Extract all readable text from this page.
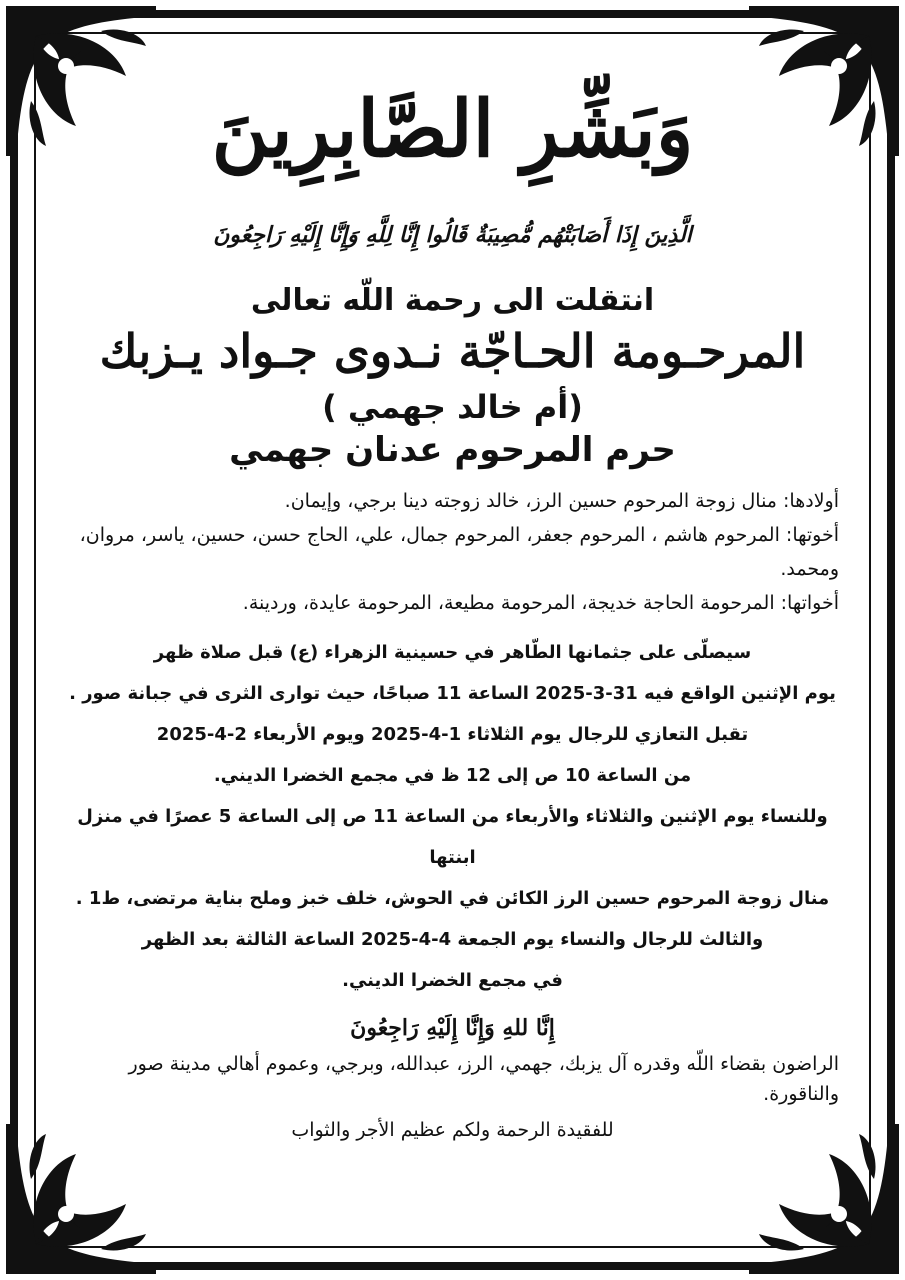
وَبَشِّرِ الصَّابِرِينَ
الَّذِينَ إِذَا أَصَابَتْهُم مُّصِيبَةٌ قَالُوا إِنَّا لِلَّهِ وَإِنَّا إِلَيْهِ رَاجِعُونَ
انتقلت الى رحمة اللّه تعالى
المرحـومة الحـاجّة نـدوى جـواد يـزبك
(أم خالد جهمي )
حرم المرحوم عدنان جهمي

أولادها: منال زوجة المرحوم حسين الرز، خالد زوجته دينا برجي، وإيمان.

أخوتها: المرحوم هاشم ، المرحوم جعفر، المرحوم جمال، علي، الحاج حسن، حسين، ياسر، مروان، ومحمد.

أخواتها: المرحومة الحاجة خديجة، المرحومة مطيعة، المرحومة عايدة، وردينة.

سيصلّى على جثمانها الطّاهر في حسينية الزهراء (ع) قبل صلاة ظهر

يوم الإثنين الواقع فيه 31-3-2025 الساعة 11 صباحًا، حيث توارى الثرى في جبانة صور .

تقبل التعازي للرجال يوم الثلاثاء 1-4-2025 ويوم الأربعاء 2-4-2025

من الساعة 10 ص إلى 12 ظ في مجمع الخضرا الديني.

وللنساء يوم الإثنين والثلاثاء والأربعاء من الساعة 11 ص إلى الساعة 5 عصرًا في منزل ابنتها

منال زوجة المرحوم حسين الرز الكائن في الحوش، خلف خبز وملح بناية مرتضى، ط1 .

والثالث للرجال والنساء يوم الجمعة 4-4-2025 الساعة الثالثة بعد الظهر

في مجمع الخضرا الديني.

إِنَّا للهِ وَإِنَّا إِلَيْهِ رَاجِعُونَ

الراضون بقضاء اللّه وقدره آل يزبك، جهمي، الرز، عبدالله، وبرجي، وعموم أهالي مدينة صور والناقورة.

للفقيدة الرحمة ولكم عظيم الأجر والثواب
